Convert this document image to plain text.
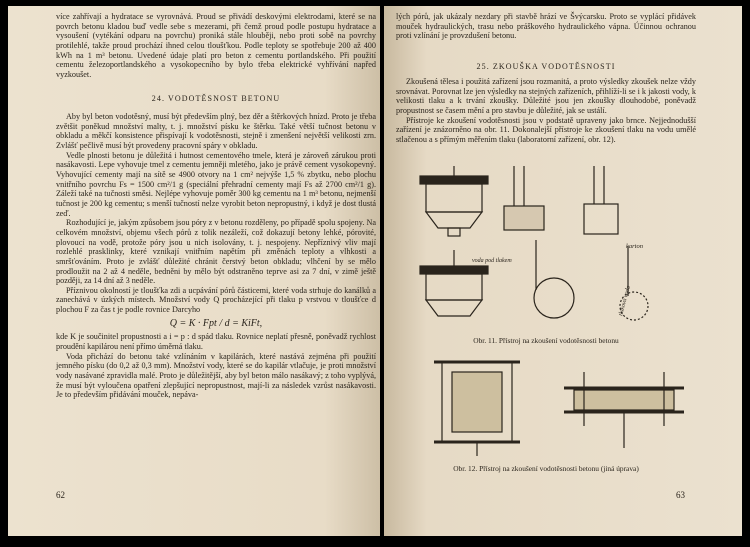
více zahřívají a hydratace se vyrovnává. Proud se přivádí deskovými elektrodami, které se na povrch betonu kladou buď vedle sebe s mezerami, při čemž proud podle postupu hydratace a vysoušení (vytékání odparu na povrchu) proniká stále hlouběji, nebo proti sobě na povrchy protilehlé, takže proud prochází ihned celou tloušťkou. Podle teploty se spotřebuje 200 až 400 kWh na 1 m³ betonu. Uvedené údaje platí pro beton z cementu portlandského. Při použití cementu železoportlandského a vysokopecního by bylo třeba elektrické vyhřívání napřed vyzkoušet.

24. VODOTĚSNOST BETONU

Aby byl beton vodotěsný, musí být především plný, bez děr a štěrkových hnízd. Proto je třeba zvětšit poněkud množství malty, t. j. množství písku ke štěrku. Také větší tučnost betonu v obkladu a měkčí konsistence přispívají k vodotěsnosti, stejně i zmenšení největší velikosti zrn. Zvlášť pečlivě musí být provedeny pracovní spáry v obkladu.

Vedle plnosti betonu je důležitá i hutnost cementového tmele, která je zároveň zárukou proti nasákavosti. Lepe vyhovuje tmel z cementu jemněji mletého, jako je právě cement vysokopevný. Vyhovující cementy mají na sítě se 4900 otvory na 1 cm² nejvýše 1,5 % zbytku, nebo plochu vnitřního povrchu Fs = 1500 cm²/1 g (speciální přehradní cementy mají Fs až 2700 cm²/1 g). Záleží také na tučnosti směsi. Nejlépe vyhovuje poměr 300 kg cementu na 1 m³ betonu, nejmenší tučnost je 200 kg cementu; s menší tučností nelze vyrobit beton nepropustný, i když je dost tlustá zeď.

Rozhodující je, jakým způsobem jsou póry z v betonu rozděleny, po případě spolu spojeny. Na celkovém množství, objemu všech pórů z tolik nezáleží, což dokazují betony lehké, pórovité, plovoucí na vodě, protože póry jsou u nich isolovány, t. j. nespojeny. Nepříznivý vliv mají rozlehlé prasklinky, které vznikají vnitřním napětím při změnách teploty a vlhkosti a smršťováním. Proto je zvlášť důležité chránit čerstvý beton obkladu; vlhčení by se mělo prodloužit na 2 až 4 neděle, bedněni by mělo být odstraněno teprve asi za 7 dní, v zimě ještě později, za 14 dní až 3 neděle.

Příznivou okolností je tloušťka zdi a ucpávání pórů částicemi, které voda strhuje do kanálků a zanechává v úzkých místech. Množství vody Q procházející při tlaku p vrstvou v tloušťce d plochou F za čas t je podle rovnice Darcyho

Q = K · Fpt / d = KiFt,

kde K je součinitel propustnosti a i = p : d spád tlaku. Rovnice neplatí přesně, poněvadž rychlost proudění kapilárou není přímo úměrná tlaku.

Voda přichází do betonu také vzlínáním v kapilárách, které nastává zejména při použití jemného písku (do 0,2 až 0,3 mm). Množství vody, které se do kapilár vtlačuje, je proti množství vody nasávané zpravidla malé. Proto je důležitější, aby byl beton málo nasákavý; z toho vyplývá, že musí být vyloučena opatření zlepšující nepropustnost, mají-li za následek vzrůst nasákavosti. Je to především přidávání mouček, nepáva-

62

lých pórů, jak ukázaly nezdary při stavbě hrází ve Švýcarsku. Proto se vyplácí přidávek mouček hydraulických, trasu nebo práškového hydraulického vápna. Účinnou ochranou proti vzlínání je provzdušení betonu.

25. ZKOUŠKA VODOTĚSNOSTI

Zkoušená tělesa i použitá zařízení jsou rozmanitá, a proto výsledky zkoušek nelze vždy srovnávat. Porovnat lze jen výsledky na stejných zařízeních, přihlíží-li se i k jakosti vody, k velikosti tlaku a k trvání zkoušky. Důležité jsou jen zkoušky dlouhodobé, poněvadž propustnost se časem mění a pro stavbu je důležité, jak se ustálí.

Přístroje ke zkoušení vodotěsnosti jsou v podstatě upraveny jako brnce. Nejjednodušší zařízení je znázorněno na obr. 11. Dokonalejší přístroje ke zkoušení tlaku na vodu umělé stlačenou a s přímým měřením tlaku (laboratorní zařízení, obr. 12).

karton
voda pod tlakem
tlaková voda
Obr. 11. Přístroj na zkoušení vodotěsnosti betonu
Obr. 12. Přístroj na zkoušení vodotěsnosti betonu (jiná úprava)
63
